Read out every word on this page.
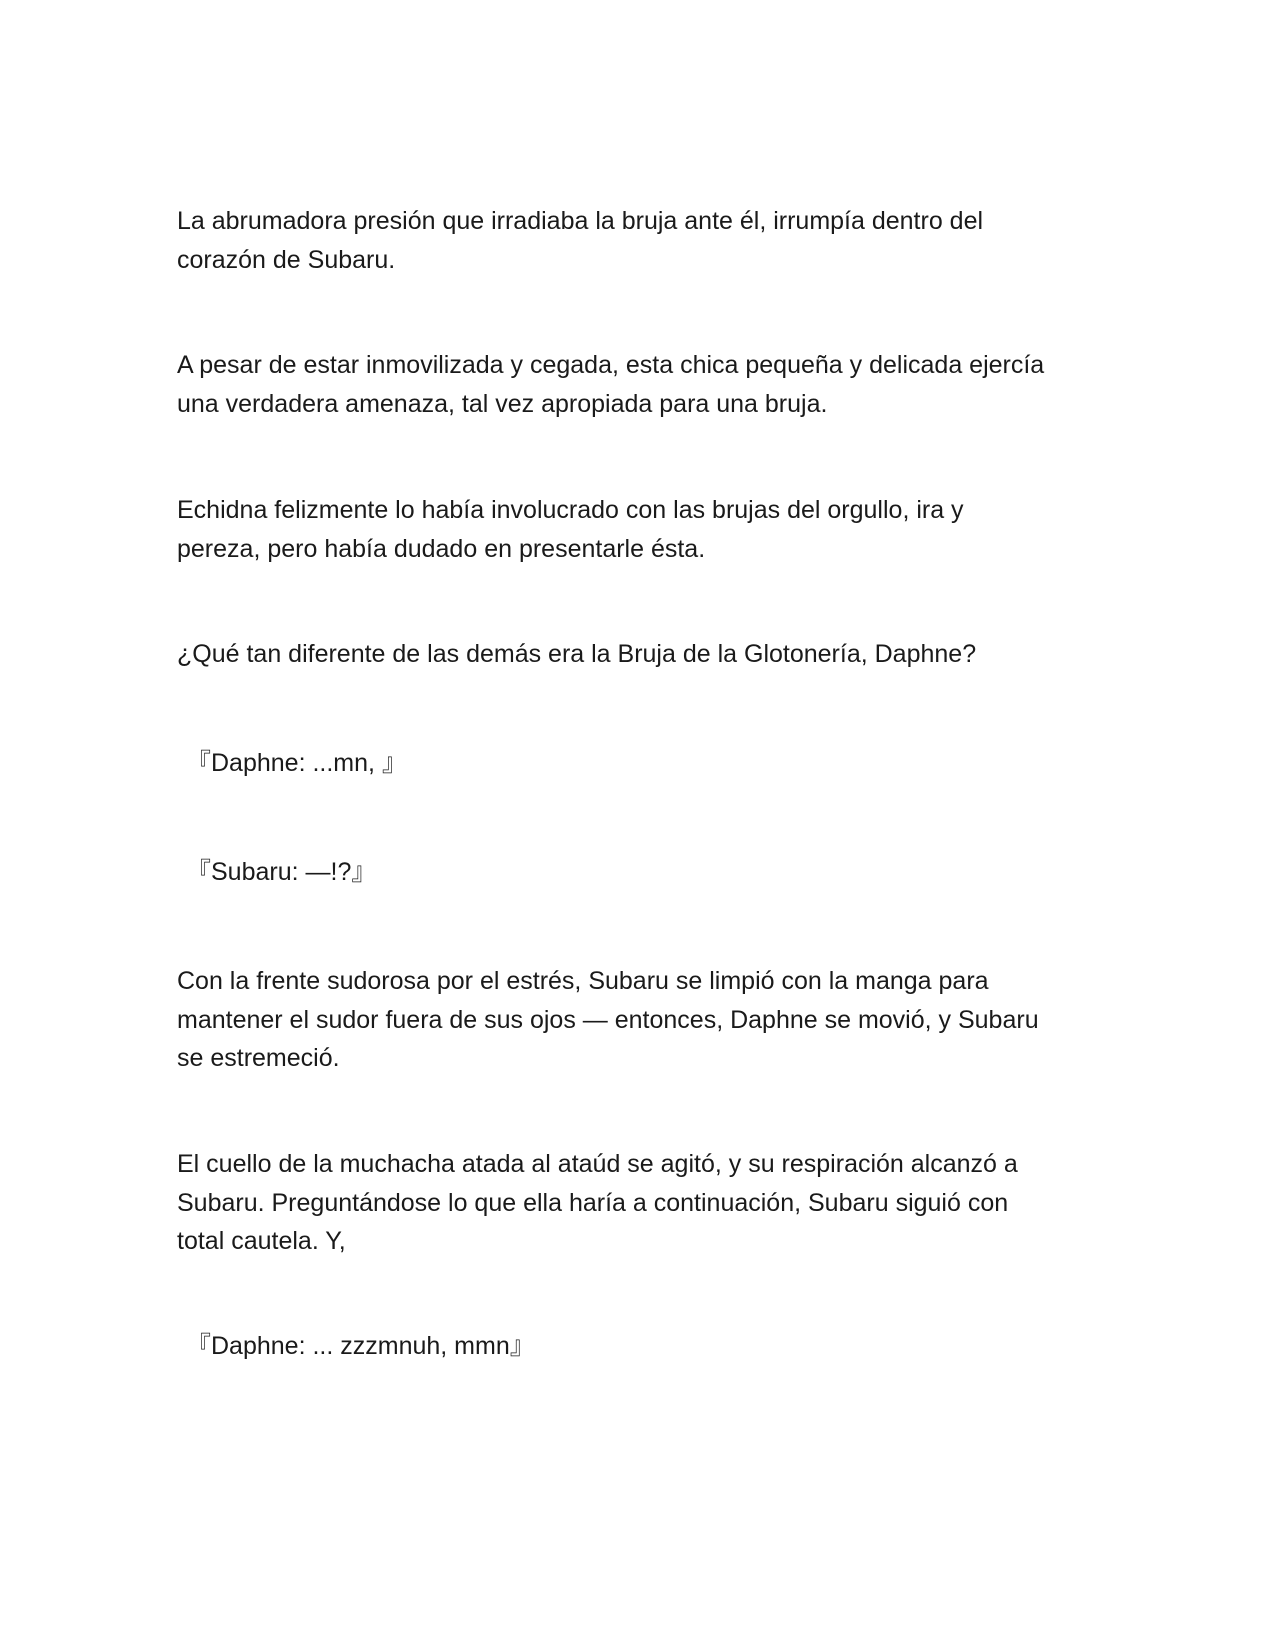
La abrumadora presión que irradiaba la bruja ante él, irrumpía dentro del
corazón de Subaru.

A pesar de estar inmovilizada y cegada, esta chica pequeña y delicada ejercía
una verdadera amenaza, tal vez apropiada para una bruja.

Echidna felizmente lo había involucrado con las brujas del orgullo, ira y
pereza, pero había dudado en presentarle ésta.

¿Qué tan diferente de las demás era la Bruja de la Glotonería, Daphne?

『Daphne: ...mn, 』

『Subaru: —!?』

Con la frente sudorosa por el estrés, Subaru se limpió con la manga para
mantener el sudor fuera de sus ojos — entonces, Daphne se movió, y Subaru
se estremeció.

El cuello de la muchacha atada al ataúd se agitó, y su respiración alcanzó a
Subaru. Preguntándose lo que ella haría a continuación, Subaru siguió con
total cautela. Y,

『Daphne: ... zzzmnuh, mmn』
